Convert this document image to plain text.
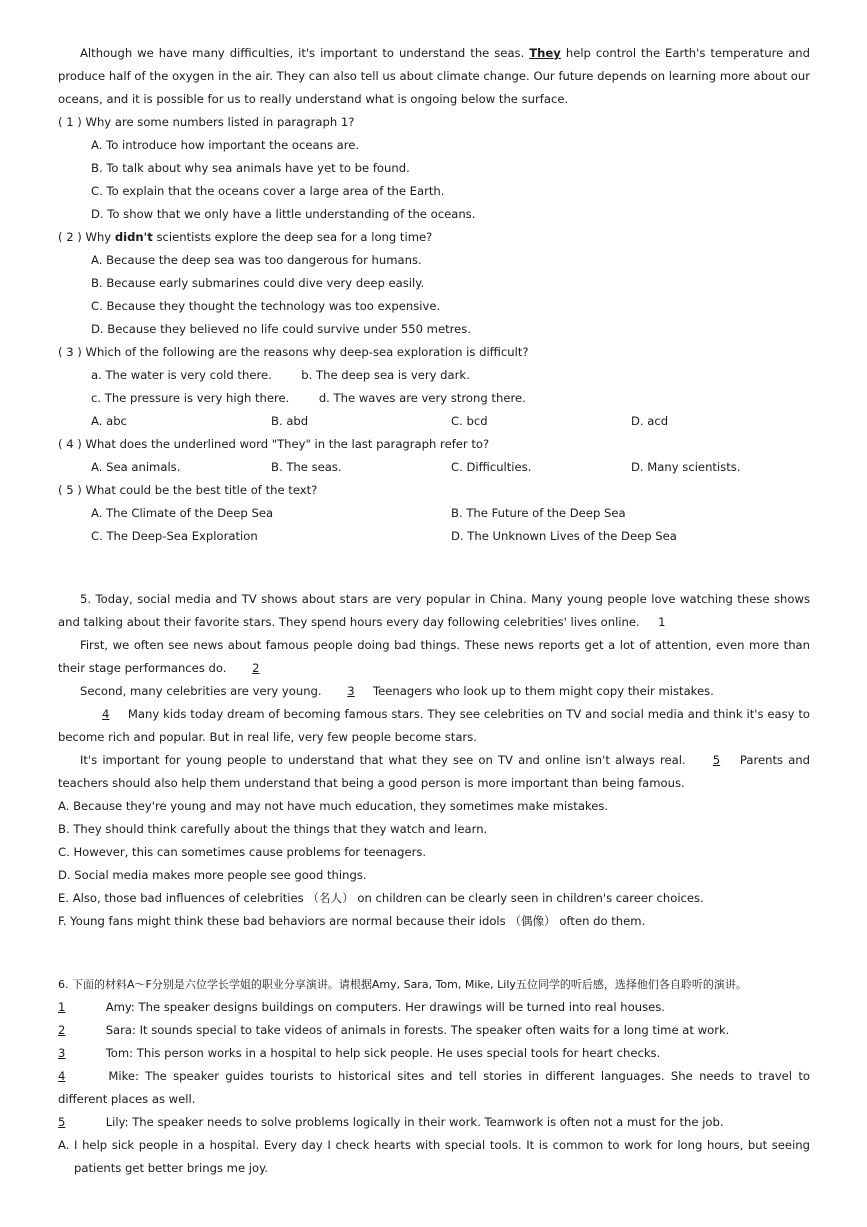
Although we have many difficulties, it's important to understand the seas. They help control the Earth's temperature and produce half of the oxygen in the air. They can also tell us about climate change. Our future depends on learning more about our oceans, and it is possible for us to really understand what is ongoing below the surface.
( 1 ) Why are some numbers listed in paragraph 1?
A. To introduce how important the oceans are.
B. To talk about why sea animals have yet to be found.
C. To explain that the oceans cover a large area of the Earth.
D. To show that we only have a little understanding of the oceans.
( 2 ) Why didn't scientists explore the deep sea for a long time?
A. Because the deep sea was too dangerous for humans.
B. Because early submarines could dive very deep easily.
C. Because they thought the technology was too expensive.
D. Because they believed no life could survive under 550 metres.
( 3 ) Which of the following are the reasons why deep-sea exploration is difficult?
a. The water is very cold there.	b. The deep sea is very dark.
c. The pressure is very high there.	d. The waves are very strong there.
A. abc	B. abd	C. bcd	D. acd
( 4 ) What does the underlined word "They" in the last paragraph refer to?
A. Sea animals.	B. The seas.	C. Difficulties.	D. Many scientists.
( 5 ) What could be the best title of the text?
A. The Climate of the Deep Sea	B. The Future of the Deep Sea
C. The Deep-Sea Exploration	D. The Unknown Lives of the Deep Sea
5. Today, social media and TV shows about stars are very popular in China. Many young people love watching these shows and talking about their favorite stars. They spend hours every day following celebrities' lives online. 1
First, we often see news about famous people doing bad things. These news reports get a lot of attention, even more than their stage performances do. 2
Second, many celebrities are very young. 3 Teenagers who look up to them might copy their mistakes.
4 Many kids today dream of becoming famous stars. They see celebrities on TV and social media and think it's easy to become rich and popular. But in real life, very few people become stars.
It's important for young people to understand that what they see on TV and online isn't always real. 5 Parents and teachers should also help them understand that being a good person is more important than being famous.
A. Because they're young and may not have much education, they sometimes make mistakes.
B. They should think carefully about the things that they watch and learn.
C. However, this can sometimes cause problems for teenagers.
D. Social media makes more people see good things.
E. Also, those bad influences of celebrities （名人） on children can be clearly seen in children's career choices.
F. Young fans might think these bad behaviors are normal because their idols （偶像） often do them.
6. 下面的材料A～F分别是六位学长学姐的职业分享演讲。请根据Amy, Sara, Tom, Mike, Lily五位同学的听后感，选择他们各自聆听的演讲。
1	Amy: The speaker designs buildings on computers. Her drawings will be turned into real houses.
2	Sara: It sounds special to take videos of animals in forests. The speaker often waits for a long time at work.
3	Tom: This person works in a hospital to help sick people. He uses special tools for heart checks.
4	Mike: The speaker guides tourists to historical sites and tell stories in different languages. She needs to travel to different places as well.
5	Lily: The speaker needs to solve problems logically in their work. Teamwork is often not a must for the job.
A. I help sick people in a hospital. Every day I check hearts with special tools. It is common to work for long hours, but seeing patients get better brings me joy.
